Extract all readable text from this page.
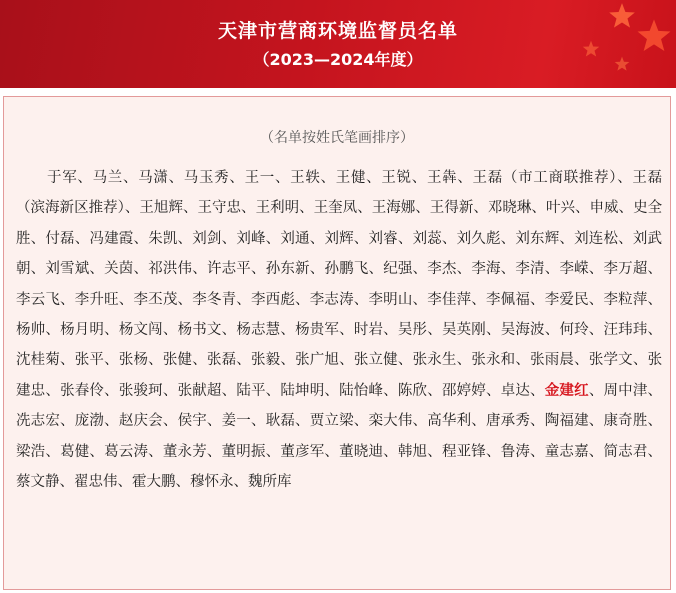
天津市营商环境监督员名单
（2023—2024年度）
（名单按姓氏笔画排序）
于军、马兰、马潇、马玉秀、王一、王轶、王健、王锐、王犇、王磊（市工商联推荐）、王磊（滨海新区推荐）、王旭辉、王守忠、王利明、王奎凤、王海娜、王得新、邓晓琳、叶兴、申威、史全胜、付磊、冯建霞、朱凯、刘剑、刘峰、刘通、刘辉、刘睿、刘蕊、刘久彪、刘东辉、刘连松、刘武朝、刘雪斌、关茵、祁洪伟、许志平、孙东新、孙鹏飞、纪强、李杰、李海、李清、李嵘、李万超、李云飞、李升旺、李丕茂、李冬青、李西彪、李志涛、李明山、李佳萍、李佩福、李爱民、李粒萍、杨帅、杨月明、杨文闯、杨书文、杨志慧、杨贵军、时岩、吴彤、吴英刚、吴海波、何玲、汪玮玮、沈桂菊、张平、张杨、张健、张磊、张毅、张广旭、张立健、张永生、张永和、张雨晨、张学文、张建忠、张春伶、张骏珂、张献超、陆平、陆坤明、陆怡峰、陈欣、邵婷婷、卓达、金建红、周中津、冼志宏、庞渤、赵庆会、侯宇、姜一、耿磊、贾立梁、栾大伟、高华利、唐承秀、陶福建、康奇胜、梁浩、葛健、葛云涛、董永芳、董明振、董彦军、董晓迪、韩旭、程亚锋、鲁涛、童志嘉、简志君、蔡文静、翟忠伟、霍大鹏、穆怀永、魏所库
